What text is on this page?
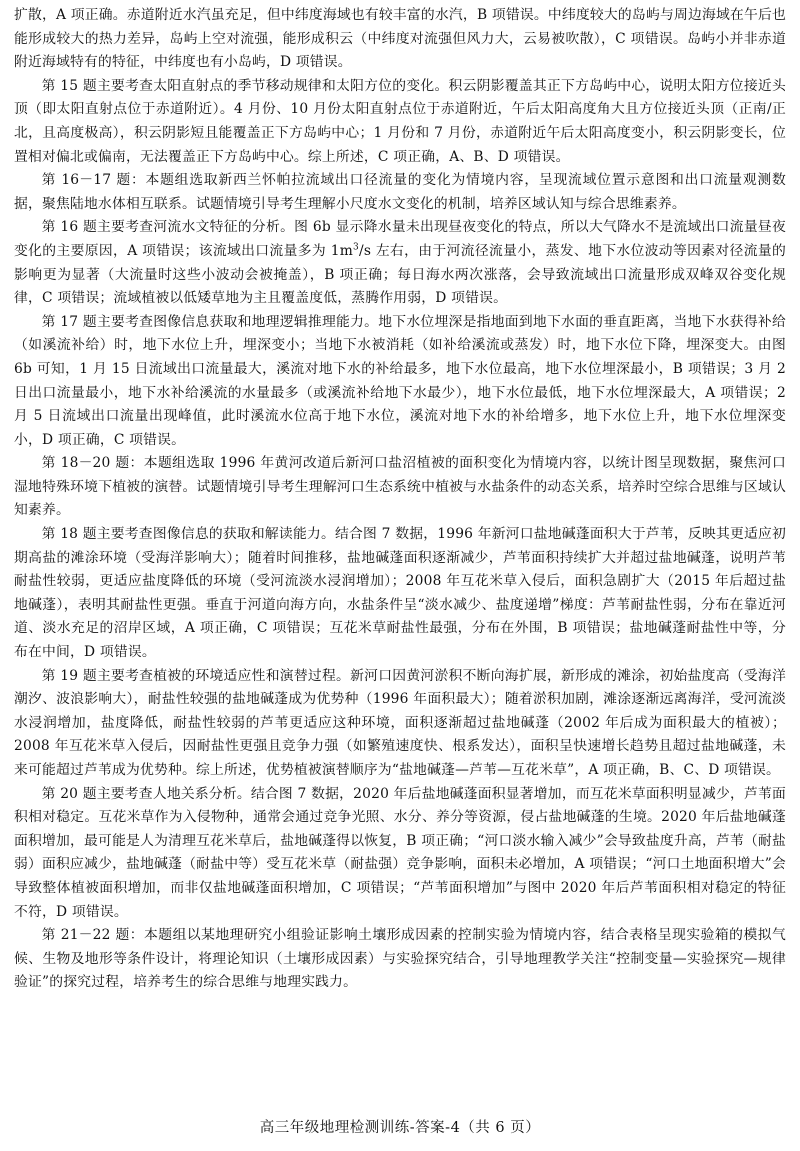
扩散，A 项正确。赤道附近水汽虽充足，但中纬度海域也有较丰富的水汽，B 项错误。中纬度较大的岛屿与周边海域在午后也能形成较大的热力差异，岛屿上空对流强，能形成积云（中纬度对流强但风力大，云易被吹散），C 项错误。岛屿小并非赤道附近海域特有的特征，中纬度也有小岛屿，D 项错误。

第 15 题主要考查太阳直射点的季节移动规律和太阳方位的变化。积云阴影覆盖其正下方岛屿中心，说明太阳方位接近头顶（即太阳直射点位于赤道附近）。4 月份、10 月份太阳直射点位于赤道附近，午后太阳高度角大且方位接近头顶（正南/正北，且高度极高），积云阴影短且能覆盖正下方岛屿中心；1 月份和 7 月份，赤道附近午后太阳高度变小，积云阴影变长，位置相对偏北或偏南，无法覆盖正下方岛屿中心。综上所述，C 项正确，A、B、D 项错误。

第 16－17 题：本题组选取新西兰怀帕拉流域出口径流量的变化为情境内容，呈现流域位置示意图和出口流量观测数据，聚焦陆地水体相互联系。试题情境引导考生理解小尺度水文变化的机制，培养区域认知与综合思维素养。

第 16 题主要考查河流水文特征的分析。图 6b 显示降水量未出现昼夜变化的特点，所以大气降水不是流域出口流量昼夜变化的主要原因，A 项错误；该流域出口流量多为 $1m^3/s$ 左右，由于河流径流量小，蒸发、地下水位波动等因素对径流量的影响更为显著（大流量时这些小波动会被掩盖），B 项正确；每日海水两次涨落，会导致流域出口流量形成双峰双谷变化规律，C 项错误；流域植被以低矮草地为主且覆盖度低，蒸腾作用弱，D 项错误。

第 17 题主要考查图像信息获取和地理逻辑推理能力。地下水位埋深是指地面到地下水面的垂直距离，当地下水获得补给（如溪流补给）时，地下水位上升，埋深变小；当地下水被消耗（如补给溪流或蒸发）时，地下水位下降，埋深变大。由图 6b 可知，1 月 15 日流域出口流量最大，溪流对地下水的补给最多，地下水位最高，地下水位埋深最小，B 项错误；3 月 2 日出口流量最小，地下水补给溪流的水量最多（或溪流补给地下水最少），地下水位最低，地下水位埋深最大，A 项错误；2 月 5 日流域出口流量出现峰值，此时溪流水位高于地下水位，溪流对地下水的补给增多，地下水位上升，地下水位埋深变小，D 项正确，C 项错误。

第 18－20 题：本题组选取 1996 年黄河改道后新河口盐沼植被的面积变化为情境内容，以统计图呈现数据，聚焦河口湿地特殊环境下植被的演替。试题情境引导考生理解河口生态系统中植被与水盐条件的动态关系，培养时空综合思维与区域认知素养。

第 18 题主要考查图像信息的获取和解读能力。结合图 7 数据，1996 年新河口盐地碱蓬面积大于芦苇，反映其更适应初期高盐的滩涂环境（受海洋影响大）；随着时间推移，盐地碱蓬面积逐渐减少，芦苇面积持续扩大并超过盐地碱蓬，说明芦苇耐盐性较弱，更适应盐度降低的环境（受河流淡水浸润增加）；2008 年互花米草入侵后，面积急剧扩大（2015 年后超过盐地碱蓬），表明其耐盐性更强。垂直于河道向海方向，水盐条件呈“淡水减少、盐度递增”梯度：芦苇耐盐性弱，分布在靠近河道、淡水充足的沼岸区域，A 项正确，C 项错误；互花米草耐盐性最强，分布在外围，B 项错误；盐地碱蓬耐盐性中等，分布在中间，D 项错误。

第 19 题主要考查植被的环境适应性和演替过程。新河口因黄河淤积不断向海扩展，新形成的滩涂，初始盐度高（受海洋潮汐、波浪影响大），耐盐性较强的盐地碱蓬成为优势种（1996 年面积最大）；随着淤积加剧，滩涂逐渐远离海洋，受河流淡水浸润增加，盐度降低，耐盐性较弱的芦苇更适应这种环境，面积逐渐超过盐地碱蓬（2002 年后成为面积最大的植被）；2008 年互花米草入侵后，因耐盐性更强且竞争力强（如繁殖速度快、根系发达），面积呈快速增长趋势且超过盐地碱蓬，未来可能超过芦苇成为优势种。综上所述，优势植被演替顺序为“盐地碱蓬—芦苇—互花米草”，A 项正确，B、C、D 项错误。

第 20 题主要考查人地关系分析。结合图 7 数据，2020 年后盐地碱蓬面积显著增加，而互花米草面积明显减少，芦苇面积相对稳定。互花米草作为入侵物种，通常会通过竞争光照、水分、养分等资源，侵占盐地碱蓬的生境。2020 年后盐地碱蓬面积增加，最可能是人为清理互花米草后，盐地碱蓬得以恢复，B 项正确；“河口淡水输入减少”会导致盐度升高，芦苇（耐盐弱）面积应减少，盐地碱蓬（耐盐中等）受互花米草（耐盐强）竞争影响，面积未必增加，A 项错误；“河口土地面积增大”会导致整体植被面积增加，而非仅盐地碱蓬面积增加，C 项错误；“芦苇面积增加”与图中 2020 年后芦苇面积相对稳定的特征不符，D 项错误。

第 21－22 题：本题组以某地理研究小组验证影响土壤形成因素的控制实验为情境内容，结合表格呈现实验箱的模拟气候、生物及地形等条件设计，将理论知识（土壤形成因素）与实验探究结合，引导地理教学关注“控制变量—实验探究—规律验证”的探究过程，培养考生的综合思维与地理实践力。

高三年级地理检测训练-答案-4（共 6 页）
